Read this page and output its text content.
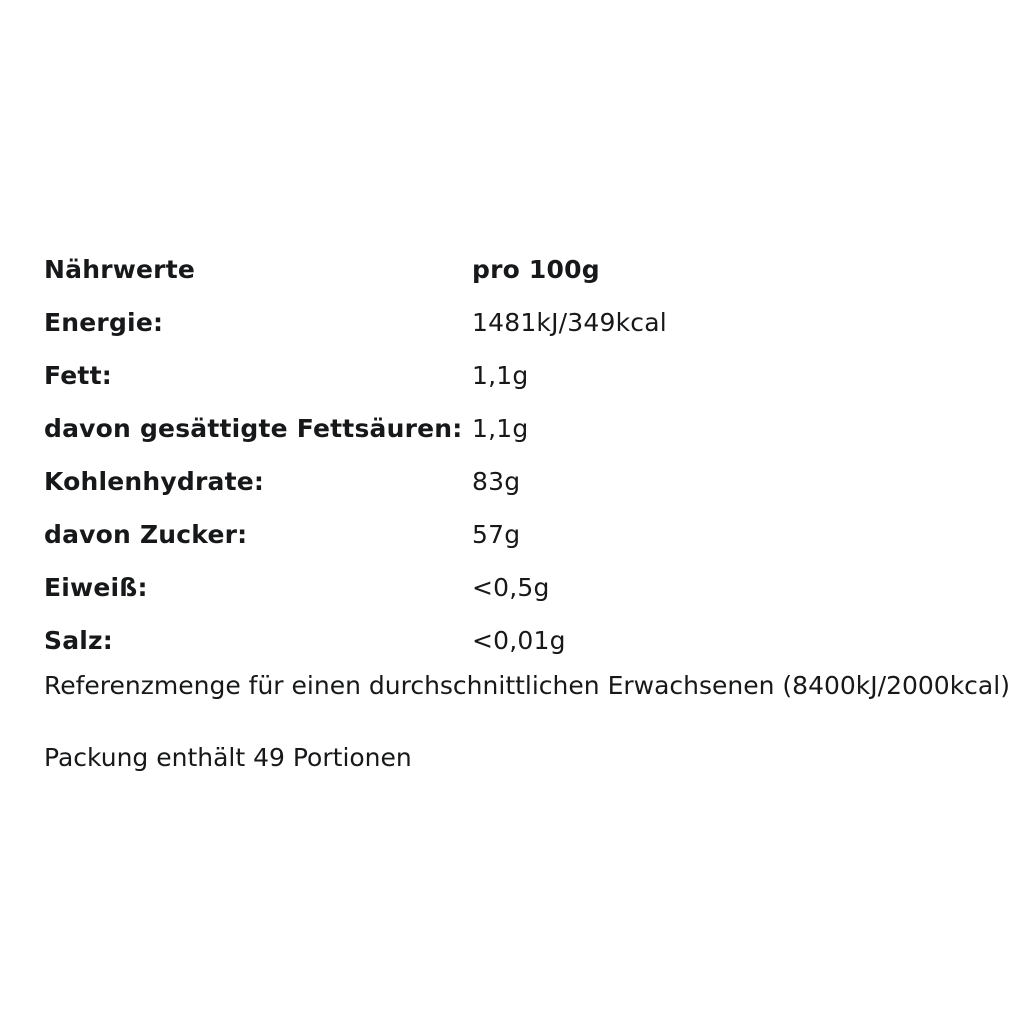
Nährwerte	pro 100g
Energie:	1481kJ/349kcal
Fett:	1,1g
davon gesättigte Fettsäuren:	1,1g
Kohlenhydrate:	83g
davon Zucker:	57g
Eiweiß:	<0,5g
Salz:	<0,01g
Referenzmenge für einen durchschnittlichen Erwachsenen (8400kJ/2000kcal)
Packung enthält 49 Portionen
